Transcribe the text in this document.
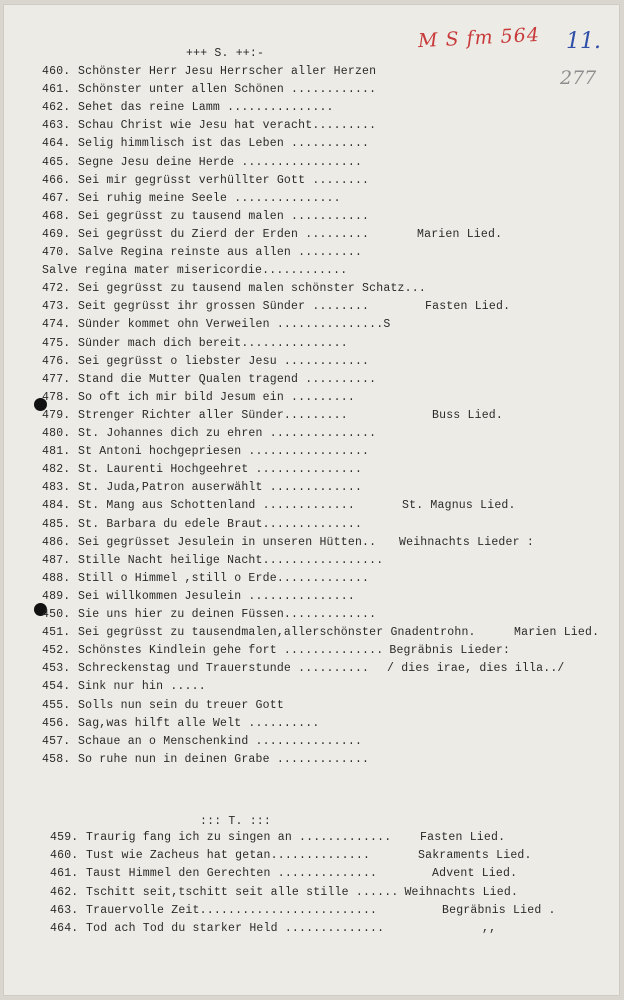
M S fm 564 11.
277
+++ S. ++:-
460. Schönster Herr Jesu Herrscher aller Herzen
461. Schönster unter allen Schönen ............
462. Sehet das reine Lamm ...............
463. Schau Christ wie Jesu hat veracht.........
464. Selig himmlisch ist das Leben ...........
465. Segne Jesu deine Herde .................
466. Sei mir gegrüsst verhüllter Gott ........
467. Sei ruhig meine Seele ...............
468. Sei gegrüsst zu tausend malen ...........
469. Sei gegrüsst du Zierd der Erden .........	Marien Lied.
470. Salve Regina reinste aus allen .........
Salve regina mater misericordie............
472. Sei gegrüsst zu tausend malen schönster Schatz...
473. Seit gegrüsst ihr grossen Sünder ........	Fasten Lied.
474. Sünder kommet ohn Verweilen ...............S
475. Sünder mach dich bereit...............
476. Sei gegrüsst o liebster Jesu ............
477. Stand die Mutter Qualen tragend ..........
478. So oft ich mir bild Jesum ein .........
479. Strenger Richter aller Sünder.........	Buss Lied.
480. St. Johannes dich zu ehren ...............
481. St Antoni hochgepriesen .................
482. St. Laurenti Hochgeehret ...............
483. St. Juda,Patron auserwählt .............
484. St. Mang aus Schottenland .............	St. Magnus Lied.
485. St. Barbara du edele Braut..............
486. Sei gegrüsset Jesulein in unseren Hütten.. Weihnachts Lieder :
487. Stille Nacht heilige Nacht.................
488. Still o Himmel ,still o Erde.............
489. Sei willkommen Jesulein ...............
450. Sie uns hier zu deinen Füssen.............
451. Sei gegrüsst zu tausendmalen,allerschönster Gnadentrohn.	Marien Lied.
452. Schönstes Kindlein gehe fort .............. Begräbnis Lieder:
453. Schreckenstag und Trauerstunde .......... / dies irae, dies illa../
454. Sink nur hin .....
455. Solls nun sein du treuer Gott
456. Sag,was hilft alle Welt ..........
457. Schaue an o Menschenkind ...............
458. So ruhe nun in deinen Grabe .............
::: T. :::
459. Traurig fang ich zu singen an ............. Fasten Lied.
460. Tust wie Zacheus hat getan..............	Sakraments Lied.
461. Taust Himmel den Gerechten ..............	Advent Lied.
462. Tschitt seit,tschitt seit alle stille ...... Weihnachts Lied.
463. Trauervolle Zeit.........................	Begräbnis Lied .
464. Tod ach Tod du starker Held ..............	,,
